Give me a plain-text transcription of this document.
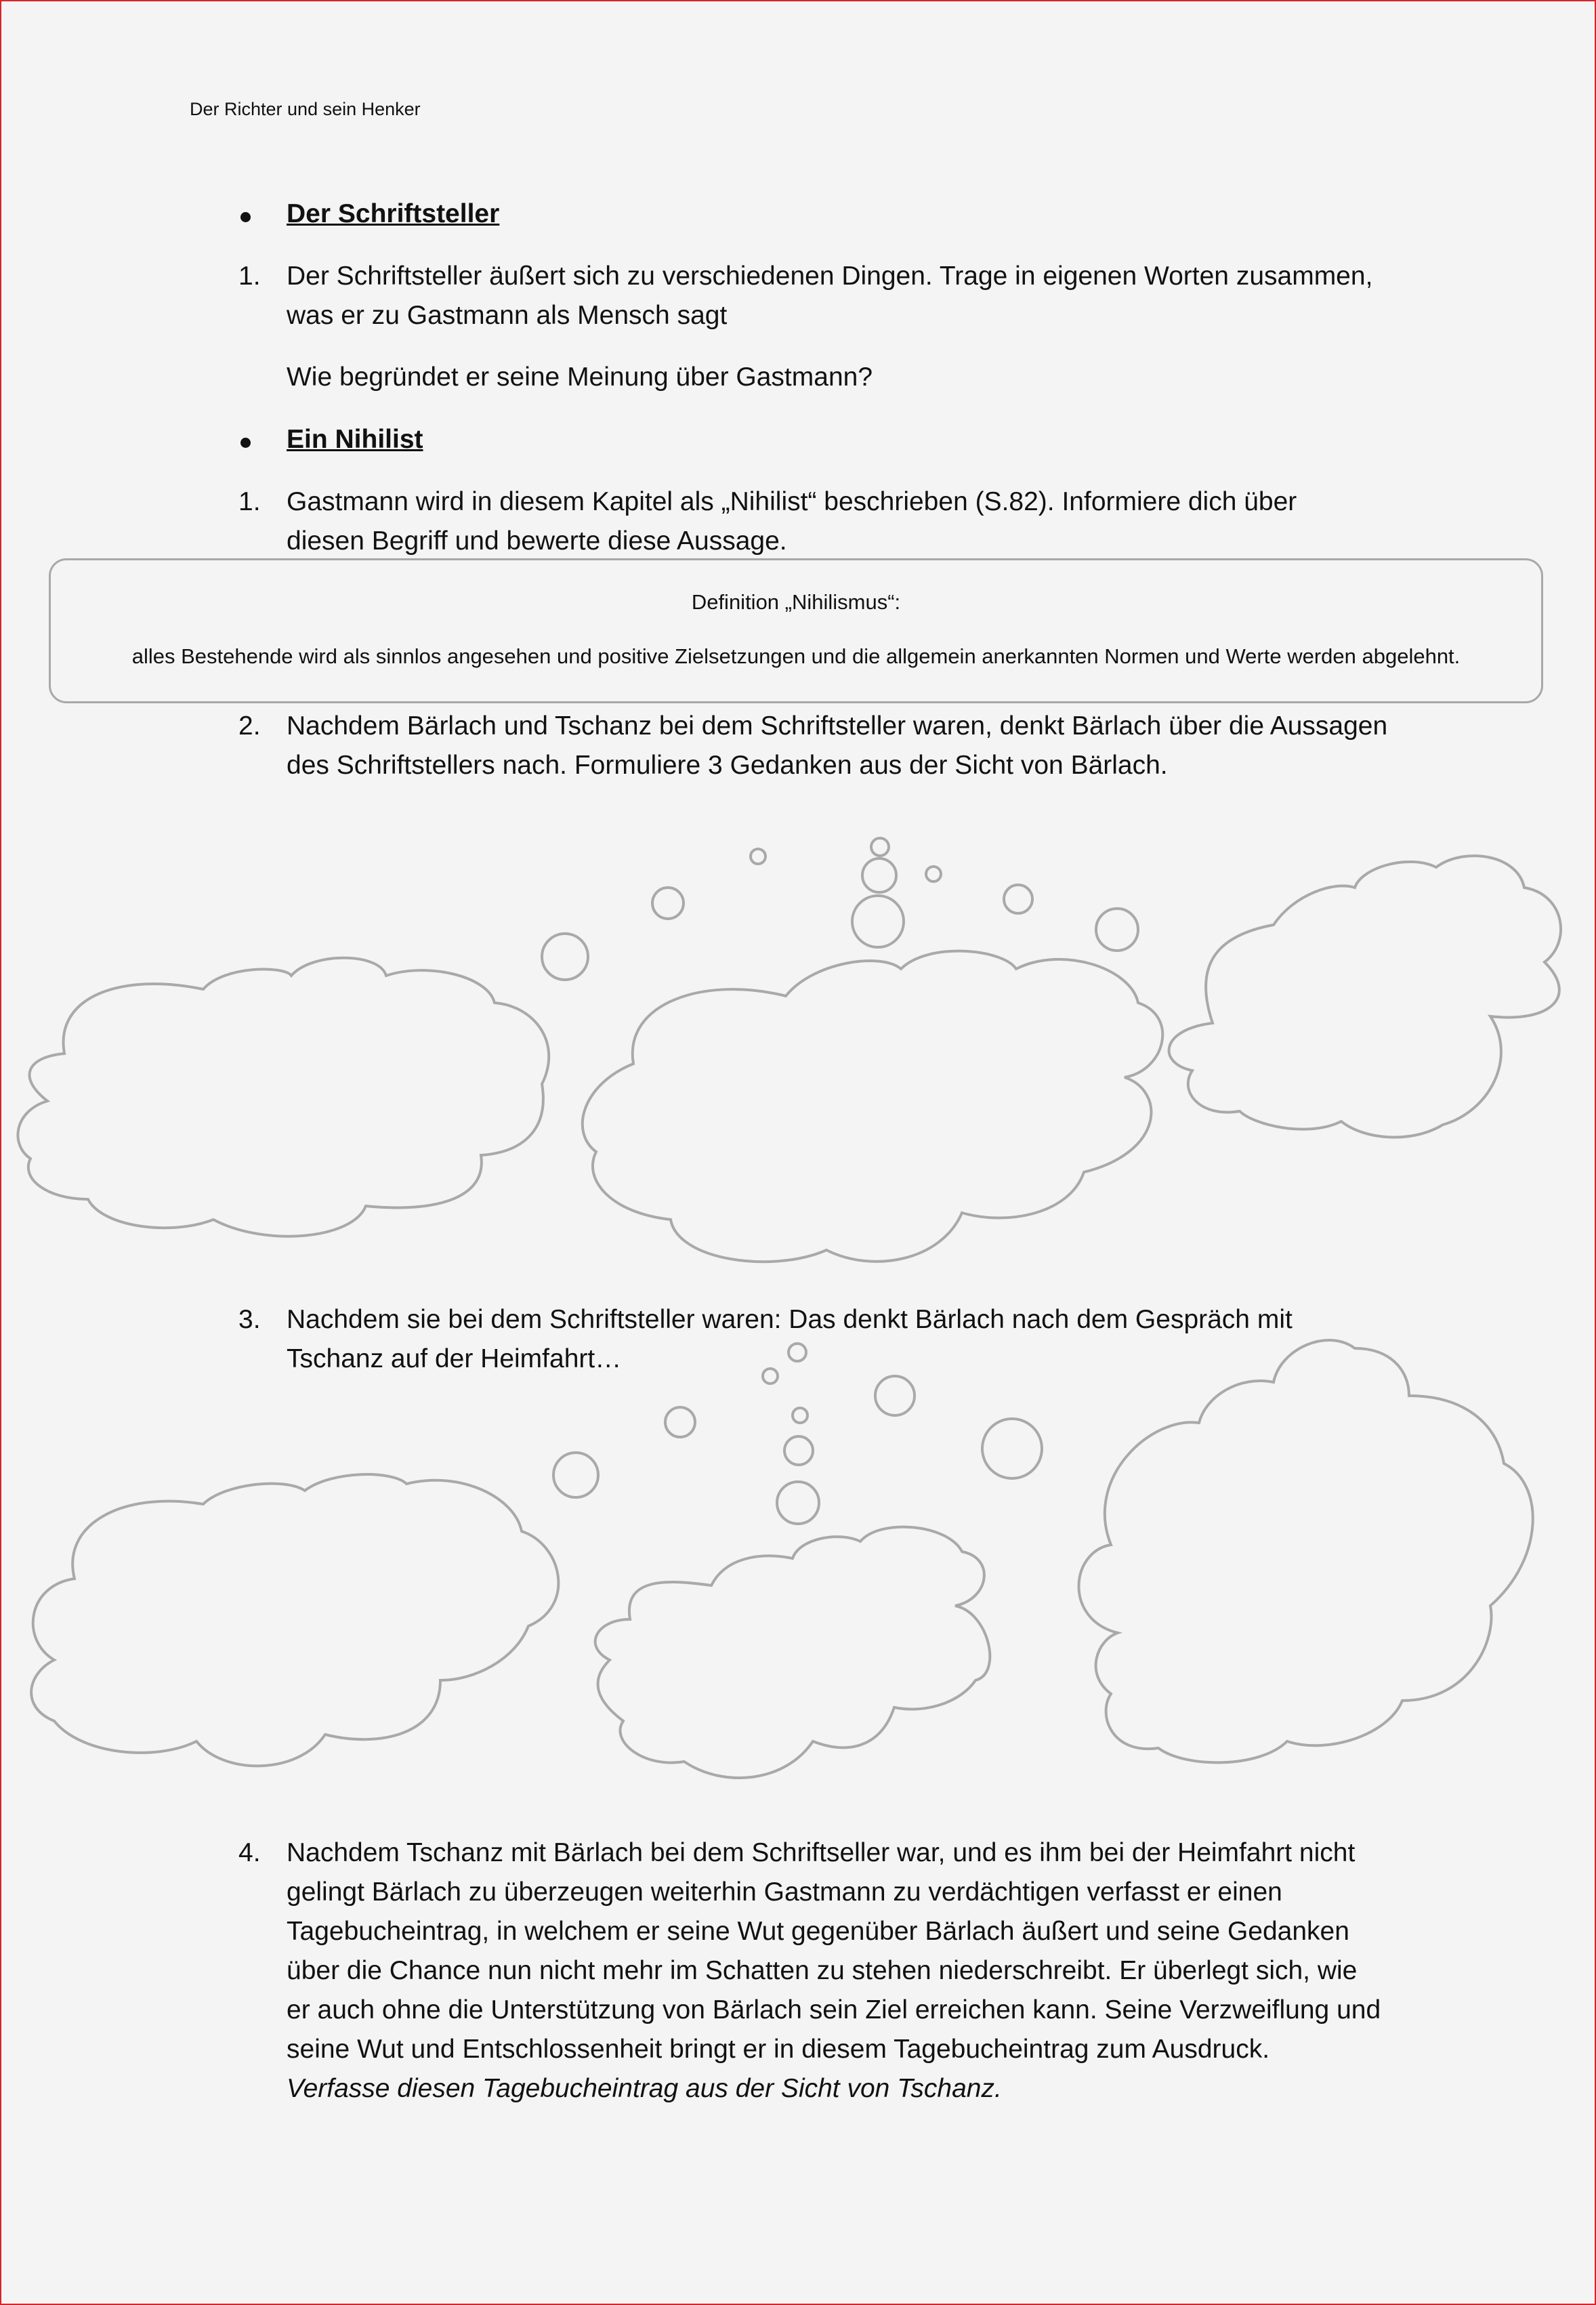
Der Richter und sein Henker
Der Schriftsteller
1. Der Schriftsteller äußert sich zu verschiedenen Dingen. Trage in eigenen Worten zusammen,
was er zu Gastmann als Mensch sagt
Wie begründet er seine Meinung über Gastmann?
Ein Nihilist
1. Gastmann wird in diesem Kapitel als „Nihilist“ beschrieben (S.82). Informiere dich über
diesen Begriff und bewerte diese Aussage.
Definition „Nihilismus“:
alles Bestehende wird als sinnlos angesehen und positive Zielsetzungen und die allgemein anerkannten Normen und Werte werden abgelehnt.
2. Nachdem Bärlach und Tschanz bei dem Schriftsteller waren, denkt Bärlach über die Aussagen
des Schriftstellers nach. Formuliere 3 Gedanken aus der Sicht von Bärlach.
3. Nachdem sie bei dem Schriftsteller waren: Das denkt Bärlach nach dem Gespräch mit
Tschanz auf der Heimfahrt…
4. Nachdem Tschanz mit Bärlach bei dem Schriftseller war, und es ihm bei der Heimfahrt nicht
gelingt Bärlach zu überzeugen weiterhin Gastmann zu verdächtigen verfasst er einen
Tagebucheintrag, in welchem er seine Wut gegenüber Bärlach äußert und seine Gedanken
über die Chance nun nicht mehr im Schatten zu stehen niederschreibt. Er überlegt sich, wie
er auch ohne die Unterstützung von Bärlach sein Ziel erreichen kann. Seine Verzweiflung und
seine Wut und Entschlossenheit bringt er in diesem Tagebucheintrag zum Ausdruck.
Verfasse diesen Tagebucheintrag aus der Sicht von Tschanz.
